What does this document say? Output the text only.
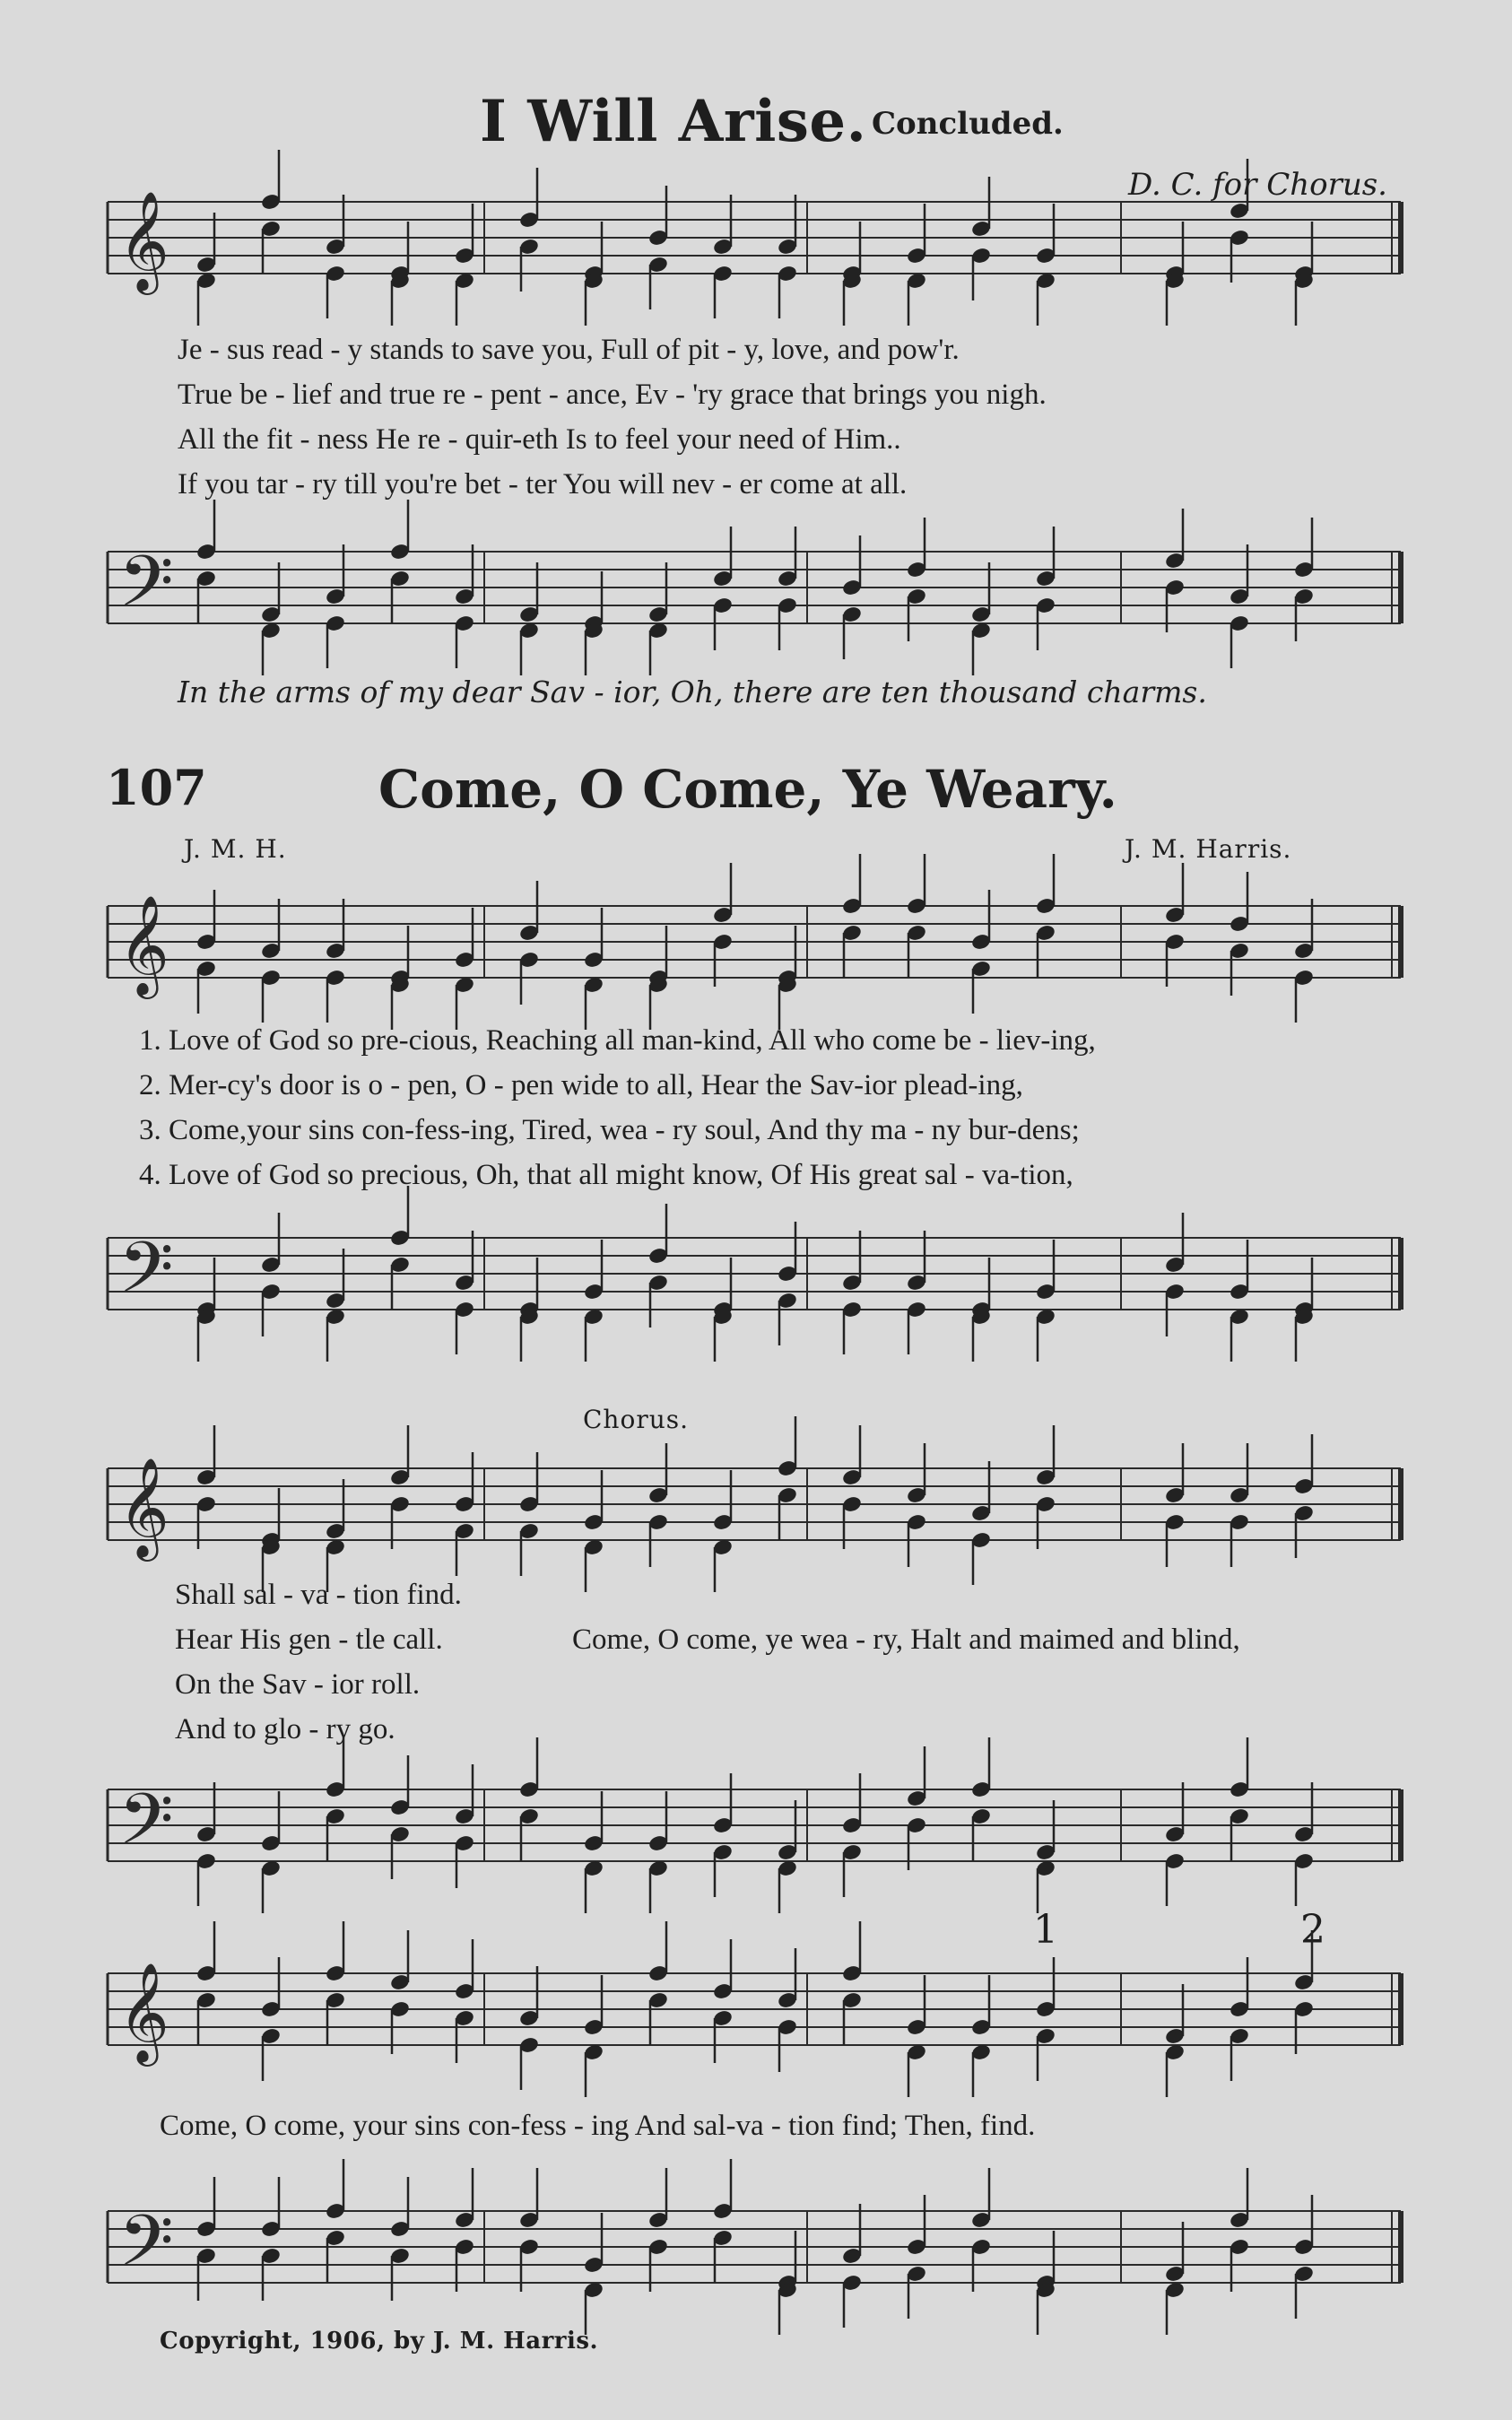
I Will Arise. Concluded.
D. C. for Chorus.
𝄞
Je - sus read - y stands to save you, Full of pit - y, love, and pow'r.
True be - lief and true re - pent - ance, Ev - 'ry grace that brings you nigh.
All the fit - ness He re - quir-eth Is to feel your need of Him..
If you tar - ry till you're bet - ter You will nev - er come at all.
𝄢
In the arms of my dear Sav - ior, Oh, there are ten thousand charms.
107	Come, O Come, Ye Weary.
J. M. H.	J. M. Harris.
𝄞
1. Love of God so pre-cious, Reaching all man-kind, All who come be - liev-ing,
2. Mer-cy's door is o - pen, O - pen wide to all, Hear the Sav-ior plead-ing,
3. Come,your sins con-fess-ing, Tired, wea - ry soul, And thy ma - ny bur-dens;
4. Love of God so precious, Oh, that all might know, Of His great sal - va-tion,
𝄢
Chorus.
𝄞
Shall sal - va - tion find.
Hear His gen - tle call.	Come, O come, ye wea - ry, Halt and maimed and blind,
On the Sav - ior roll.
And to glo - ry go.
𝄢
1	2
𝄞
Come, O come, your sins con-fess - ing And sal-va - tion find; Then, find.
𝄢
Copyright, 1906, by J. M. Harris.
